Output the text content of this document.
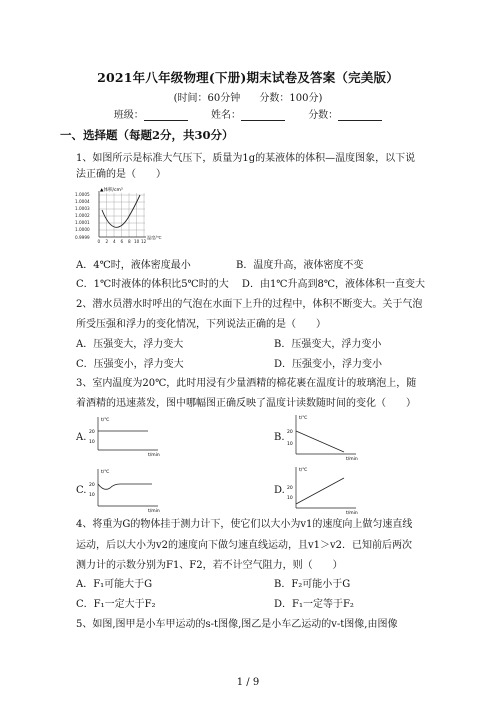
2021年八年级物理(下册)期末试卷及答案（完美版）
(时间：60分钟 分数：100分)
班级：	姓名：	分数：
一、选择题（每题2分，共30分）
1、如图所示是标准大气压下，质量为1g的某液体的体积—温度图象，以下说
法正确的是（　　）
▲体积/cm³
1.0005
1.0004
1.0003
1.0002
1.0001
1.0000
0.9999
0 2 4 6 8 10 12
温度/℃
A．4℃时，液体密度最小	B．温度升高，液体密度不变
C．1℃时液体的体积比5℃时的大　 D．由1℃升高到8℃，液体体积一直变大
2、潜水员潜水时呼出的气泡在水面下上升的过程中，体积不断变大。关于气泡
所受压强和浮力的变化情况，下列说法正确的是（　　）
A．压强变大，浮力变大	B．压强变大，浮力变小
C．压强变小，浮力变大	D．压强变小，浮力变小
3、室内温度为20℃，此时用浸有少量酒精的棉花裹在温度计的玻璃泡上，随
着酒精的迅速蒸发，图中哪幅图正确反映了温度计读数随时间的变化（　　）
A.
t/℃
20
10
t/min
B.
t/℃
20
10
t/min
C.
t/℃
20
10
t/min
D.
t/℃
20
10
t/min
4、将重为G的物体挂于测力计下，使它们以大小为v1的速度向上做匀速直线
运动，后以大小为v2的速度向下做匀速直线运动，且v1＞v2．已知前后两次
测力计的示数分别为F1、F2，若不计空气阻力，则（　　）
A．F₁可能大于G	B．F₂可能小于G
C．F₁一定大于F₂	D．F₁一定等于F₂
5、如图,图甲是小车甲运动的s-t图像,图乙是小车乙运动的v-t图像,由图像
1 / 9
